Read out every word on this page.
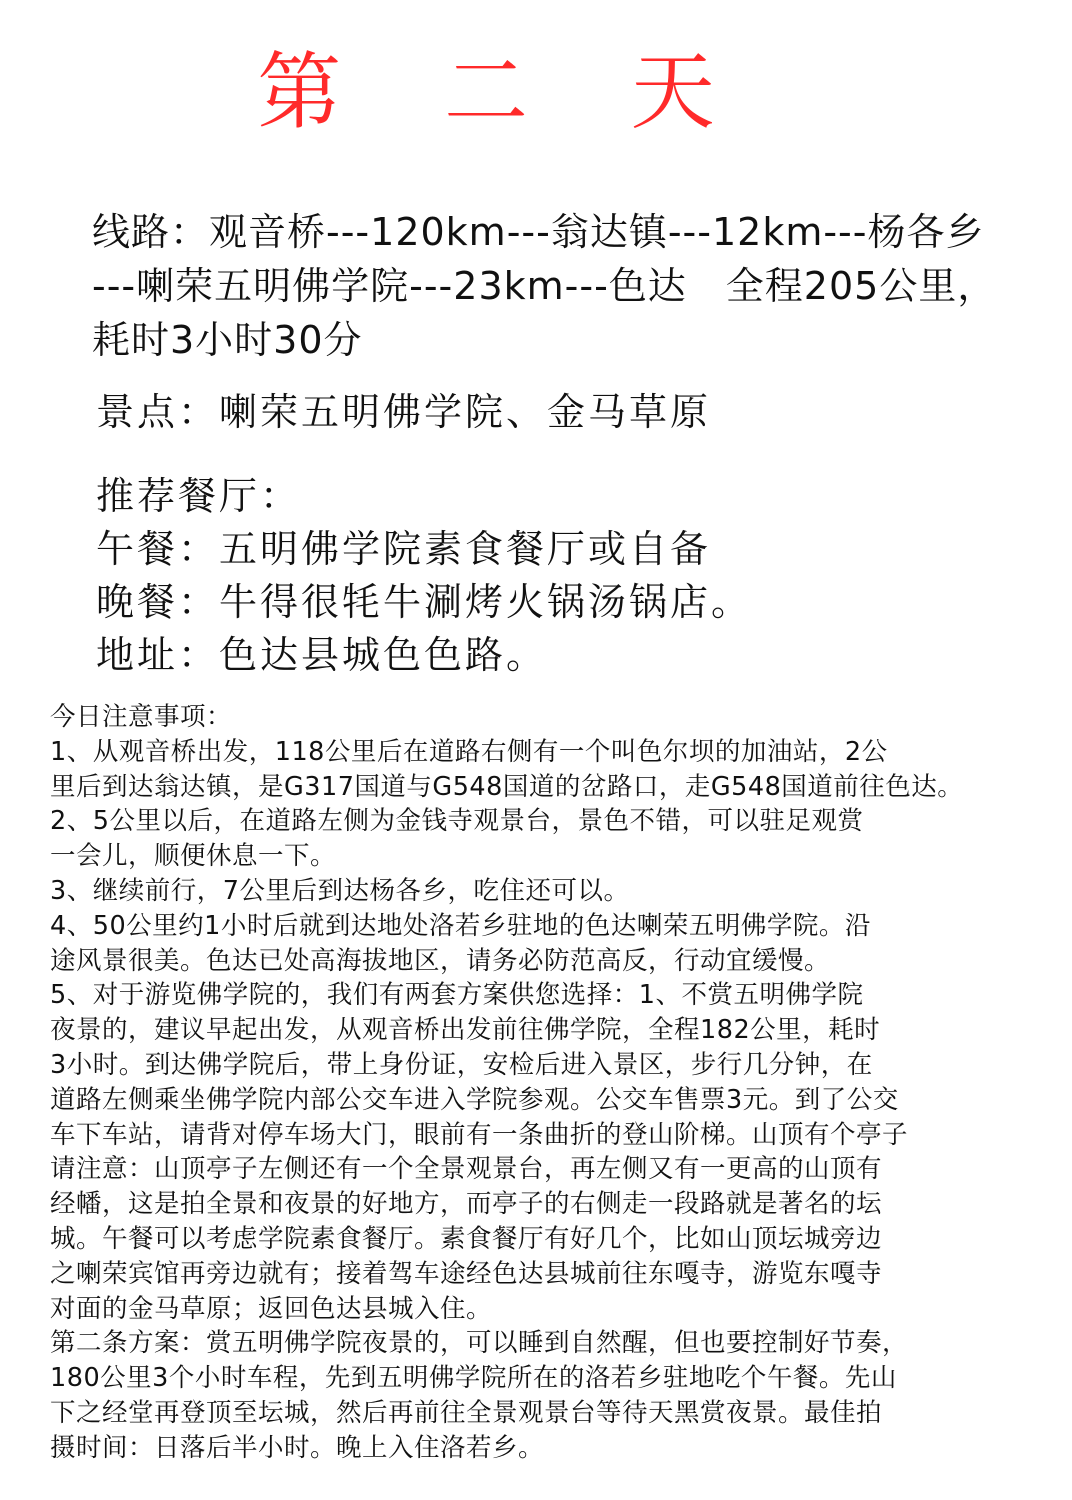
第 二 天
线路：观音桥---120km---翁达镇---12km---杨各乡
---喇荣五明佛学院---23km---色达　全程205公里，
耗时3小时30分
景点：喇荣五明佛学院、金马草原
推荐餐厅：
午餐：五明佛学院素食餐厅或自备
晚餐：牛得很牦牛涮烤火锅汤锅店。
地址：色达县城色色路。
今日注意事项：
1、从观音桥出发，118公里后在道路右侧有一个叫色尔坝的加油站，2公
里后到达翁达镇，是G317国道与G548国道的岔路口，走G548国道前往色达。
2、5公里以后，在道路左侧为金钱寺观景台，景色不错，可以驻足观赏
一会儿，顺便休息一下。
3、继续前行，7公里后到达杨各乡，吃住还可以。
4、50公里约1小时后就到达地处洛若乡驻地的色达喇荣五明佛学院。沿
途风景很美。色达已处高海拔地区，请务必防范高反，行动宜缓慢。
5、对于游览佛学院的，我们有两套方案供您选择：1、不赏五明佛学院
夜景的，建议早起出发，从观音桥出发前往佛学院，全程182公里，耗时
3小时。到达佛学院后，带上身份证，安检后进入景区，步行几分钟，在
道路左侧乘坐佛学院内部公交车进入学院参观。公交车售票3元。到了公交
车下车站，请背对停车场大门，眼前有一条曲折的登山阶梯。山顶有个亭子
请注意：山顶亭子左侧还有一个全景观景台，再左侧又有一更高的山顶有
经幡，这是拍全景和夜景的好地方，而亭子的右侧走一段路就是著名的坛
城。午餐可以考虑学院素食餐厅。素食餐厅有好几个，比如山顶坛城旁边
之喇荣宾馆再旁边就有；接着驾车途经色达县城前往东嘎寺，游览东嘎寺
对面的金马草原；返回色达县城入住。
第二条方案：赏五明佛学院夜景的，可以睡到自然醒，但也要控制好节奏，
180公里3个小时车程，先到五明佛学院所在的洛若乡驻地吃个午餐。先山
下之经堂再登顶至坛城，然后再前往全景观景台等待天黑赏夜景。最佳拍
摄时间：日落后半小时。晚上入住洛若乡。
